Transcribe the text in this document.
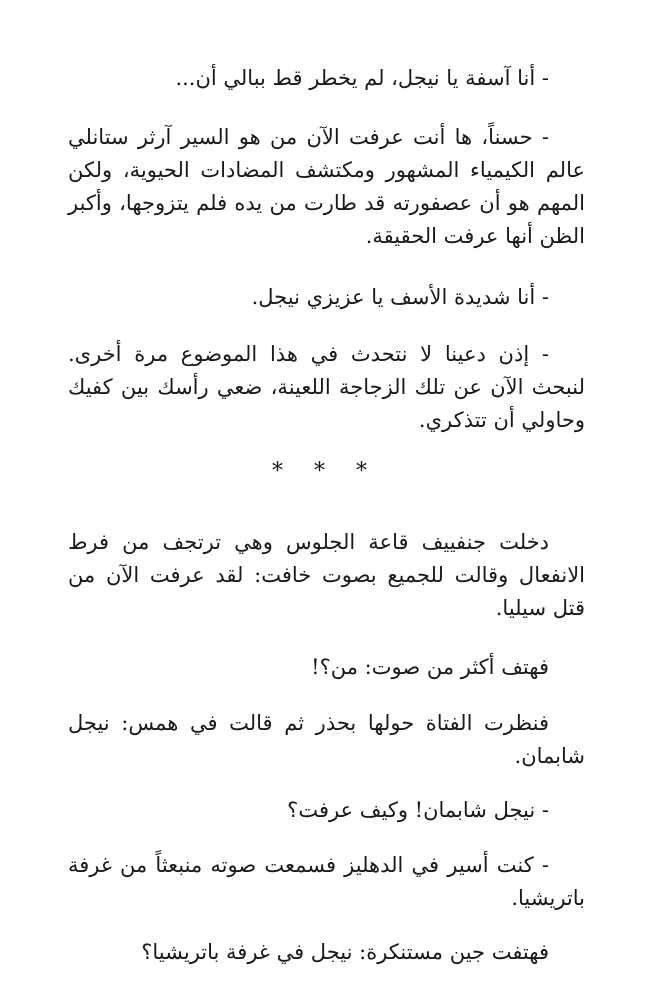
- أنا آسفة يا نيجل، لم يخطر قط ببالي أن...

- حسناً، ها أنت عرفت الآن من هو السير آرثر ستانلي عالم الكيمياء المشهور ومكتشف المضادات الحيوية، ولكن المهم هو أن عصفورته قد طارت من يده فلم يتزوجها، وأكبر الظن أنها عرفت الحقيقة.

- أنا شديدة الأسف يا عزيزي نيجل.

- إذن دعينا لا نتحدث في هذا الموضوع مرة أخرى. لنبحث الآن عن تلك الزجاجة اللعينة، ضعي رأسك بين كفيك وحاولي أن تتذكري.

* * *

دخلت جنفييف قاعة الجلوس وهي ترتجف من فرط الانفعال وقالت للجميع بصوت خافت: لقد عرفت الآن من قتل سيليا.

فهتف أكثر من صوت: من؟!

فنظرت الفتاة حولها بحذر ثم قالت في همس: نيجل شابمان.

- نيجل شابمان! وكيف عرفت؟

- كنت أسير في الدهليز فسمعت صوته منبعثاً من غرفة باتريشيا.

فهتفت جين مستنكرة: نيجل في غرفة باتريشيا؟
